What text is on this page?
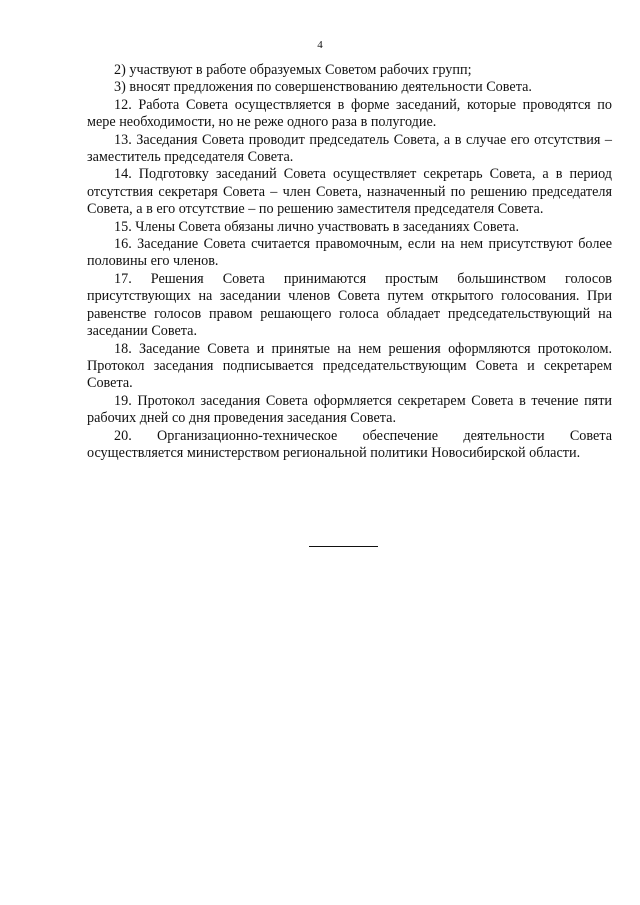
4

2) участвуют в работе образуемых Советом рабочих групп;

3) вносят предложения по совершенствованию деятельности Совета.

12. Работа Совета осуществляется в форме заседаний, которые проводятся по мере необходимости, но не реже одного раза в полугодие.

13. Заседания Совета проводит председатель Совета, а в случае его отсутствия – заместитель председателя Совета.

14. Подготовку заседаний Совета осуществляет секретарь Совета, а в период отсутствия секретаря Совета – член Совета, назначенный по решению председателя Совета, а в его отсутствие – по решению заместителя председателя Совета.

15. Члены Совета обязаны лично участвовать в заседаниях Совета.

16. Заседание Совета считается правомочным, если на нем присутствуют более половины его членов.

17. Решения Совета принимаются простым большинством голосов присутствующих на заседании членов Совета путем открытого голосования. При равенстве голосов правом решающего голоса обладает председательствующий на заседании Совета.

18. Заседание Совета и принятые на нем решения оформляются протоколом. Протокол заседания подписывается председательствующим Совета и секретарем Совета.

19. Протокол заседания Совета оформляется секретарем Совета в течение пяти рабочих дней со дня проведения заседания Совета.

20. Организационно-техническое обеспечение деятельности Совета осуществляется министерством региональной политики Новосибирской области.
